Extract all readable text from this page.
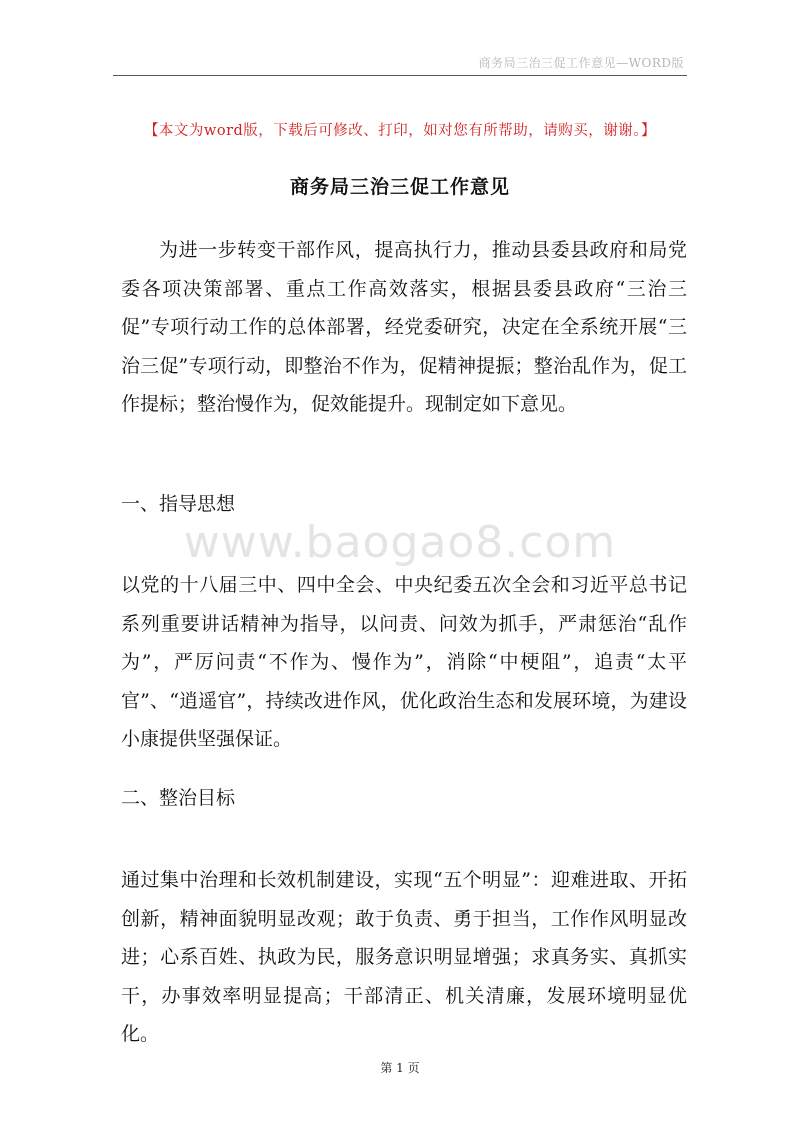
商务局三治三促工作意见—WORD版
【本文为word版，下载后可修改、打印，如对您有所帮助，请购买，谢谢。】
商务局三治三促工作意见

为进一步转变干部作风，提高执行力，推动县委县政府和局党委各项决策部署、重点工作高效落实，根据县委县政府“三治三促”专项行动工作的总体部署，经党委研究，决定在全系统开展“三治三促”专项行动，即整治不作为，促精神提振；整治乱作为，促工作提标；整治慢作为，促效能提升。现制定如下意见。

一、指导思想

www.baogao8.com

以党的十八届三中、四中全会、中央纪委五次全会和习近平总书记系列重要讲话精神为指导，以问责、问效为抓手，严肃惩治“乱作为”，严厉问责“不作为、慢作为”，消除“中梗阻”，追责“太平官”、“逍遥官”，持续改进作风，优化政治生态和发展环境，为建设小康提供坚强保证。

二、整治目标

通过集中治理和长效机制建设，实现“五个明显”：迎难进取、开拓创新，精神面貌明显改观；敢于负责、勇于担当，工作作风明显改进；心系百姓、执政为民，服务意识明显增强；求真务实、真抓实干，办事效率明显提高；干部清正、机关清廉，发展环境明显优化。

第 1 页
